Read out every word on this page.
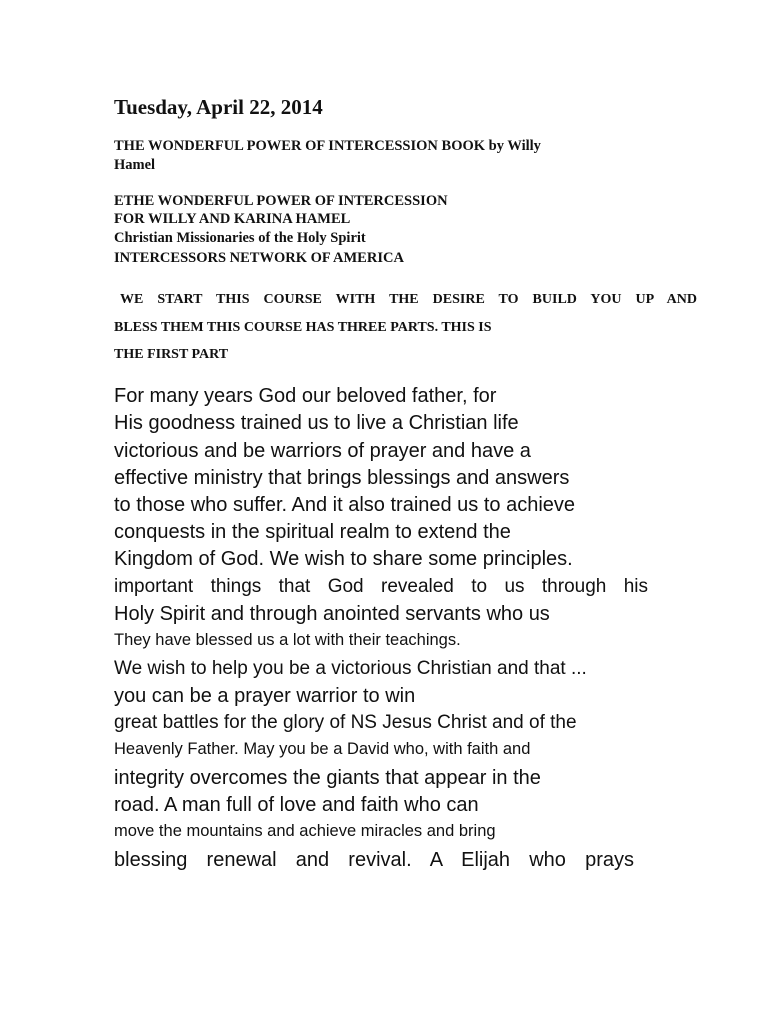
Tuesday, April 22, 2014
THE WONDERFUL POWER OF INTERCESSION BOOK by Willy
Hamel
ETHE WONDERFUL POWER OF INTERCESSION
FOR WILLY AND KARINA HAMEL
Christian Missionaries of the Holy Spirit
INTERCESSORS NETWORK OF AMERICA
WE START THIS COURSE WITH THE DESIRE TO BUILD YOU UP AND
BLESS THEM THIS COURSE HAS THREE PARTS. THIS IS
THE FIRST PART
For many years God our beloved father, for
His goodness trained us to live a Christian life
victorious and be warriors of prayer and have a
effective ministry that brings blessings and answers
to those who suffer. And it also trained us to achieve
conquests in the spiritual realm to extend the
Kingdom of God. We wish to share some principles.
important things that God revealed to us through his
Holy Spirit and through anointed servants who us
They have blessed us a lot with their teachings.
We wish to help you be a victorious Christian and that ...
you can be a prayer warrior to win
great battles for the glory of NS Jesus Christ and of the
Heavenly Father. May you be a David who, with faith and
integrity overcomes the giants that appear in the
road. A man full of love and faith who can
move the mountains and achieve miracles and bring
blessing renewal and revival. A Elijah who prays
